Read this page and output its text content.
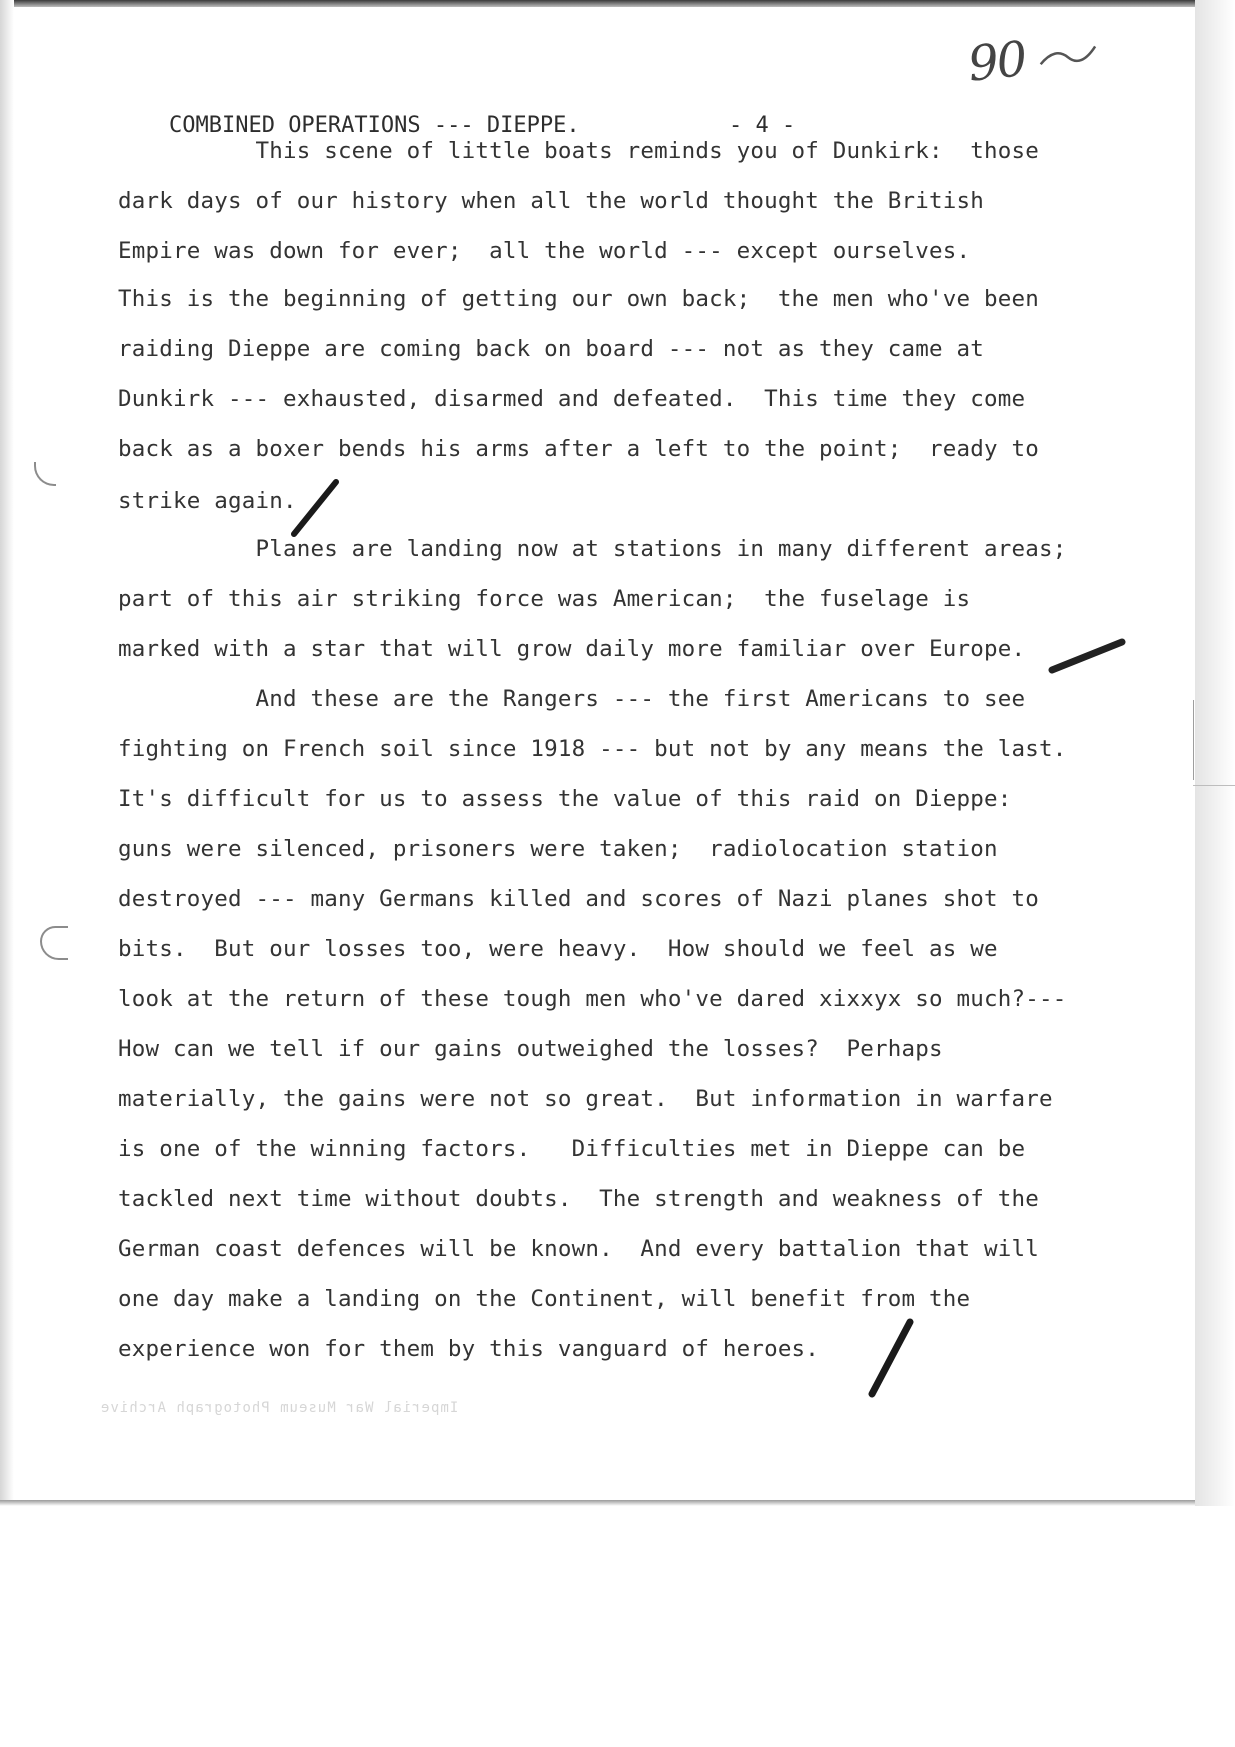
90

COMBINED OPERATIONS --- DIEPPE.	- 4 -

This scene of little boats reminds you of Dunkirk:  those
dark days of our history when all the world thought the British
Empire was down for ever;  all the world --- except ourselves.
This is the beginning of getting our own back;  the men who've been
raiding Dieppe are coming back on board --- not as they came at
Dunkirk --- exhausted, disarmed and defeated.  This time they come
back as a boxer bends his arms after a left to the point;  ready to
strike again.
Planes are landing now at stations in many different areas;
part of this air striking force was American;  the fuselage is
marked with a star that will grow daily more familiar over Europe.
And these are the Rangers --- the first Americans to see
fighting on French soil since 1918 --- but not by any means the last.
It's difficult for us to assess the value of this raid on Dieppe:
guns were silenced, prisoners were taken;  radiolocation station
destroyed --- many Germans killed and scores of Nazi planes shot to
bits.  But our losses too, were heavy.  How should we feel as we
look at the return of these tough men who've dared xixxyx so much?---
How can we tell if our gains outweighed the losses?  Perhaps
materially, the gains were not so great.  But information in warfare
is one of the winning factors.   Difficulties met in Dieppe can be
tackled next time without doubts.  The strength and weakness of the
German coast defences will be known.  And every battalion that will
one day make a landing on the Continent, will benefit from the
experience won for them by this vanguard of heroes.
Imperial War Museum Photograph Archive
